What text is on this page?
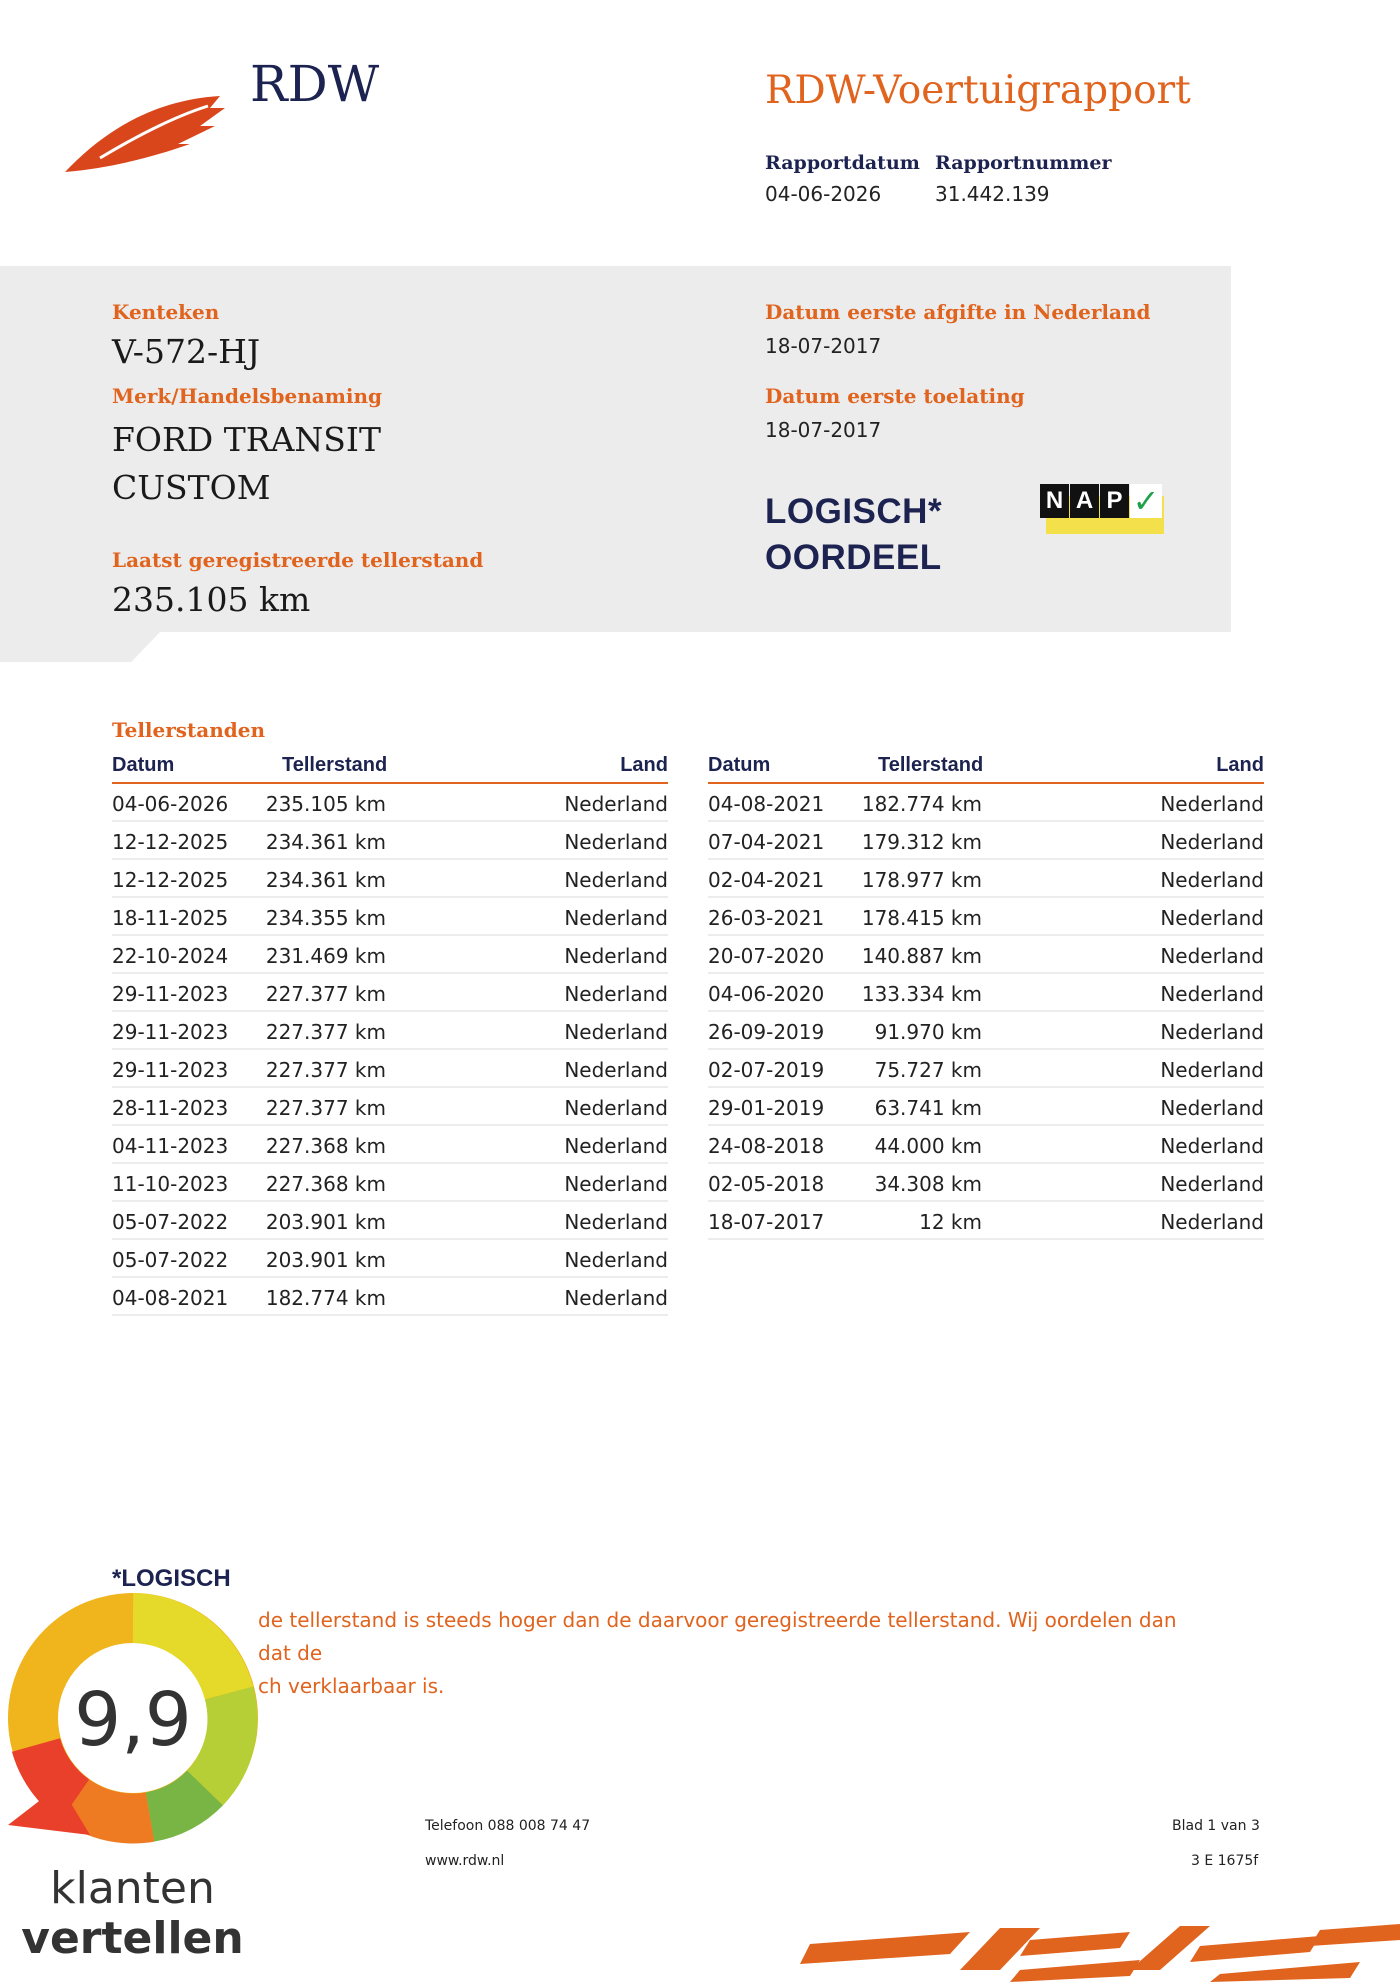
RDW	RDW-Voertuigrapport
Rapportdatum
04-06-2026
Rapportnummer
31.442.139
Kenteken
V-572-HJ
Merk/Handelsbenaming
FORD TRANSIT
CUSTOM
Laatst geregistreerde tellerstand
235.105 km
Datum eerste afgifte in Nederland
18-07-2017
Datum eerste toelating
18-07-2017
LOGISCH*
OORDEEL
N A P ✓
Tellerstanden
Datum	Tellerstand	Land
04-06-2026 235.105 km	Nederland
12-12-2025 234.361 km	Nederland
12-12-2025 234.361 km	Nederland
18-11-2025 234.355 km	Nederland
22-10-2024 231.469 km	Nederland
29-11-2023 227.377 km	Nederland
29-11-2023 227.377 km	Nederland
29-11-2023 227.377 km	Nederland
28-11-2023 227.377 km	Nederland
04-11-2023 227.368 km	Nederland
11-10-2023 227.368 km	Nederland
05-07-2022 203.901 km	Nederland
05-07-2022 203.901 km	Nederland
04-08-2021 182.774 km	Nederland
Datum	Tellerstand	Land
04-08-2021 182.774 km	Nederland
07-04-2021 179.312 km	Nederland
02-04-2021 178.977 km	Nederland
26-03-2021 178.415 km	Nederland
20-07-2020 140.887 km	Nederland
04-06-2020 133.334 km	Nederland
26-09-2019	91.970 km	Nederland
02-07-2019	75.727 km	Nederland
29-01-2019	63.741 km	Nederland
24-08-2018	44.000 km	Nederland
02-05-2018	34.308 km	Nederland
18-07-2017	12 km	Nederland
*LOGISCH
de tellerstand is steeds hoger dan de daarvoor geregistreerde tellerstand. Wij oordelen dan dat de
ch verklaarbaar is.
Telefoon 088 008 74 47
www.rdw.nl
Blad 1 van 3
3 E 1675f
9,9
klanten
vertellen
